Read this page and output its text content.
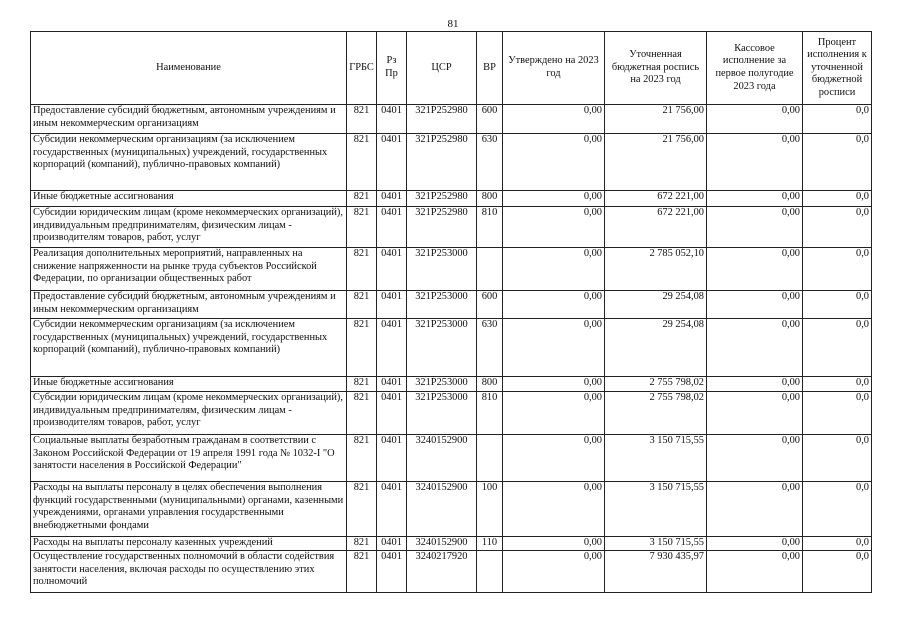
81
Наименование	ГРБС	Рз Пр	ЦСР	ВР	Утверждено на 2023 год	Уточненная бюджетная роспись на 2023 год	Кассовое исполнение за первое полугодие 2023 года	Процент исполнения к уточненной бюджетной росписи
Предоставление субсидий бюджетным, автономным учреждениям и иным некоммерческим организациям	821	0401	321P252980	600	0,00	21 756,00	0,00	0,0
Субсидии некоммерческим организациям (за исключением государственных (муниципальных) учреждений, государственных корпораций (компаний), публично-правовых компаний)	821	0401	321P252980	630	0,00	21 756,00	0,00	0,0
Иные бюджетные ассигнования	821	0401	321P252980	800	0,00	672 221,00	0,00	0,0
Субсидии юридическим лицам (кроме некоммерческих организаций), индивидуальным предпринимателям, физическим лицам - производителям товаров, работ, услуг	821	0401	321P252980	810	0,00	672 221,00	0,00	0,0
Реализация дополнительных мероприятий, направленных на снижение напряженности на рынке труда субъектов Российской Федерации, по организации общественных работ	821	0401	321P253000		0,00	2 785 052,10	0,00	0,0
Предоставление субсидий бюджетным, автономным учреждениям и иным некоммерческим организациям	821	0401	321P253000	600	0,00	29 254,08	0,00	0,0
Субсидии некоммерческим организациям (за исключением государственных (муниципальных) учреждений, государственных корпораций (компаний), публично-правовых компаний)	821	0401	321P253000	630	0,00	29 254,08	0,00	0,0
Иные бюджетные ассигнования	821	0401	321P253000	800	0,00	2 755 798,02	0,00	0,0
Субсидии юридическим лицам (кроме некоммерческих организаций), индивидуальным предпринимателям, физическим лицам - производителям товаров, работ, услуг	821	0401	321P253000	810	0,00	2 755 798,02	0,00	0,0
Социальные выплаты безработным гражданам в соответствии с Законом Российской Федерации от 19 апреля 1991 года № 1032-I "О занятости населения в Российской Федерации"	821	0401	3240152900		0,00	3 150 715,55	0,00	0,0
Расходы на выплаты персоналу в целях обеспечения выполнения функций государственными (муниципальными) органами, казенными учреждениями, органами управления государственными внебюджетными фондами	821	0401	3240152900	100	0,00	3 150 715,55	0,00	0,0
Расходы на выплаты персоналу казенных учреждений	821	0401	3240152900	110	0,00	3 150 715,55	0,00	0,0
Осуществление государственных полномочий в области содействия занятости населения, включая расходы по осуществлению этих полномочий	821	0401	3240217920		0,00	7 930 435,97	0,00	0,0
